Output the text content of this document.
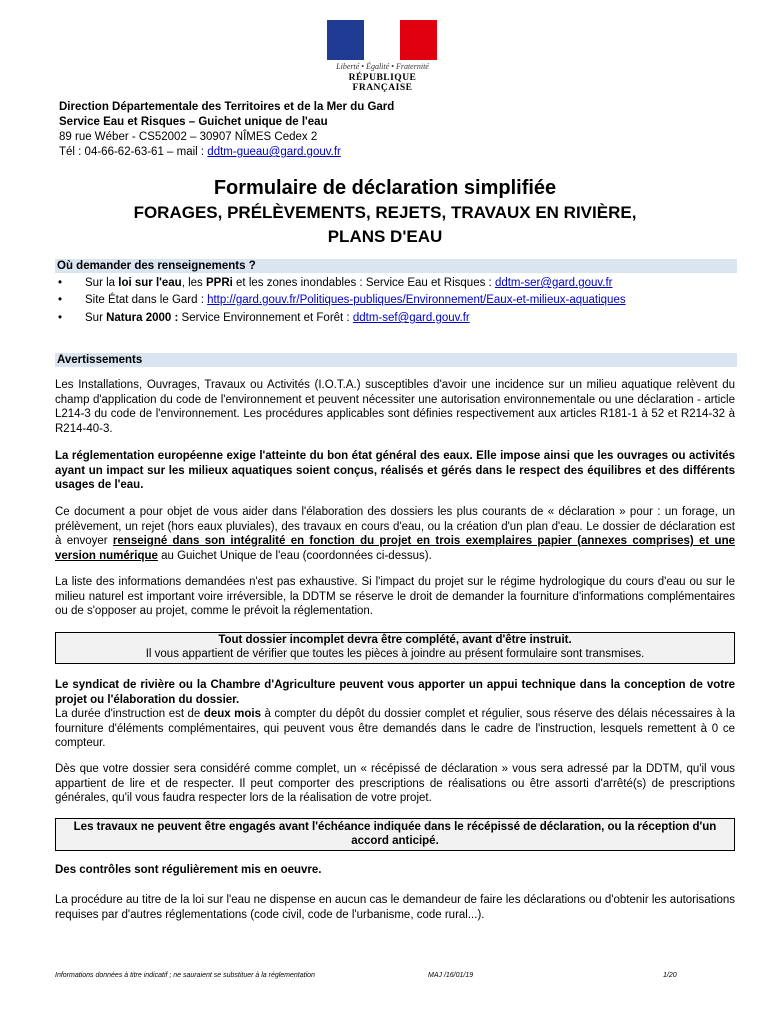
Liberté • Égalité • Fraternité
RÉPUBLIQUE FRANÇAISE
Direction Départementale des Territoires et de la Mer du Gard
Service Eau et Risques – Guichet unique de l'eau
89 rue Wéber - CS52002 – 30907 NÎMES Cedex 2
Tél : 04-66-62-63-61 – mail : ddtm-gueau@gard.gouv.fr
Formulaire de déclaration simplifiée
FORAGES, PRÉLÈVEMENTS, REJETS, TRAVAUX EN RIVIÈRE,
PLANS D'EAU
Où demander des renseignements ?
• Sur la loi sur l'eau, les PPRi et les zones inondables : Service Eau et Risques : ddtm-ser@gard.gouv.fr
• Site État dans le Gard : http://gard.gouv.fr/Politiques-publiques/Environnement/Eaux-et-milieux-aquatiques
• Sur Natura 2000 : Service Environnement et Forêt : ddtm-sef@gard.gouv.fr
Avertissements
Les Installations, Ouvrages, Travaux ou Activités (I.O.T.A.) susceptibles d'avoir une incidence sur un milieu aquatique relèvent du champ d'application du code de l'environnement et peuvent nécessiter une autorisation environnementale ou une déclaration - article L214-3 du code de l'environnement. Les procédures applicables sont définies respectivement aux articles R181-1 à 52 et R214-32 à R214-40-3.
La réglementation européenne exige l'atteinte du bon état général des eaux. Elle impose ainsi que les ouvrages ou activités ayant un impact sur les milieux aquatiques soient conçus, réalisés et gérés dans le respect des équilibres et des différents usages de l'eau.
Ce document a pour objet de vous aider dans l'élaboration des dossiers les plus courants de « déclaration » pour : un forage, un prélèvement, un rejet (hors eaux pluviales), des travaux en cours d'eau, ou la création d'un plan d'eau. Le dossier de déclaration est à envoyer renseigné dans son intégralité en fonction du projet en trois exemplaires papier (annexes comprises) et une version numérique au Guichet Unique de l'eau (coordonnées ci-dessus).
La liste des informations demandées n'est pas exhaustive. Si l'impact du projet sur le régime hydrologique du cours d'eau ou sur le milieu naturel est important voire irréversible, la DDTM se réserve le droit de demander la fourniture d'informations complémentaires ou de s'opposer au projet, comme le prévoit la réglementation.
Tout dossier incomplet devra être complété, avant d'être instruit.
Il vous appartient de vérifier que toutes les pièces à joindre au présent formulaire sont transmises.
Le syndicat de rivière ou la Chambre d'Agriculture peuvent vous apporter un appui technique dans la conception de votre projet ou l'élaboration du dossier.
La durée d'instruction est de deux mois à compter du dépôt du dossier complet et régulier, sous réserve des délais nécessaires à la fourniture d'éléments complémentaires, qui peuvent vous être demandés dans le cadre de l'instruction, lesquels remettent à 0 ce compteur.
Dès que votre dossier sera considéré comme complet, un « récépissé de déclaration » vous sera adressé par la DDTM, qu'il vous appartient de lire et de respecter. Il peut comporter des prescriptions de réalisations ou être assorti d'arrêté(s) de prescriptions générales, qu'il vous faudra respecter lors de la réalisation de votre projet.
Les travaux ne peuvent être engagés avant l'échéance indiquée dans le récépissé de déclaration, ou la réception d'un accord anticipé.
Des contrôles sont régulièrement mis en oeuvre.
La procédure au titre de la loi sur l'eau ne dispense en aucun cas le demandeur de faire les déclarations ou d'obtenir les autorisations requises par d'autres réglementations (code civil, code de l'urbanisme, code rural...).
Informations données à titre indicatif ; ne sauraient se substituer à la réglementation	MAJ /16/01/19	1/20
